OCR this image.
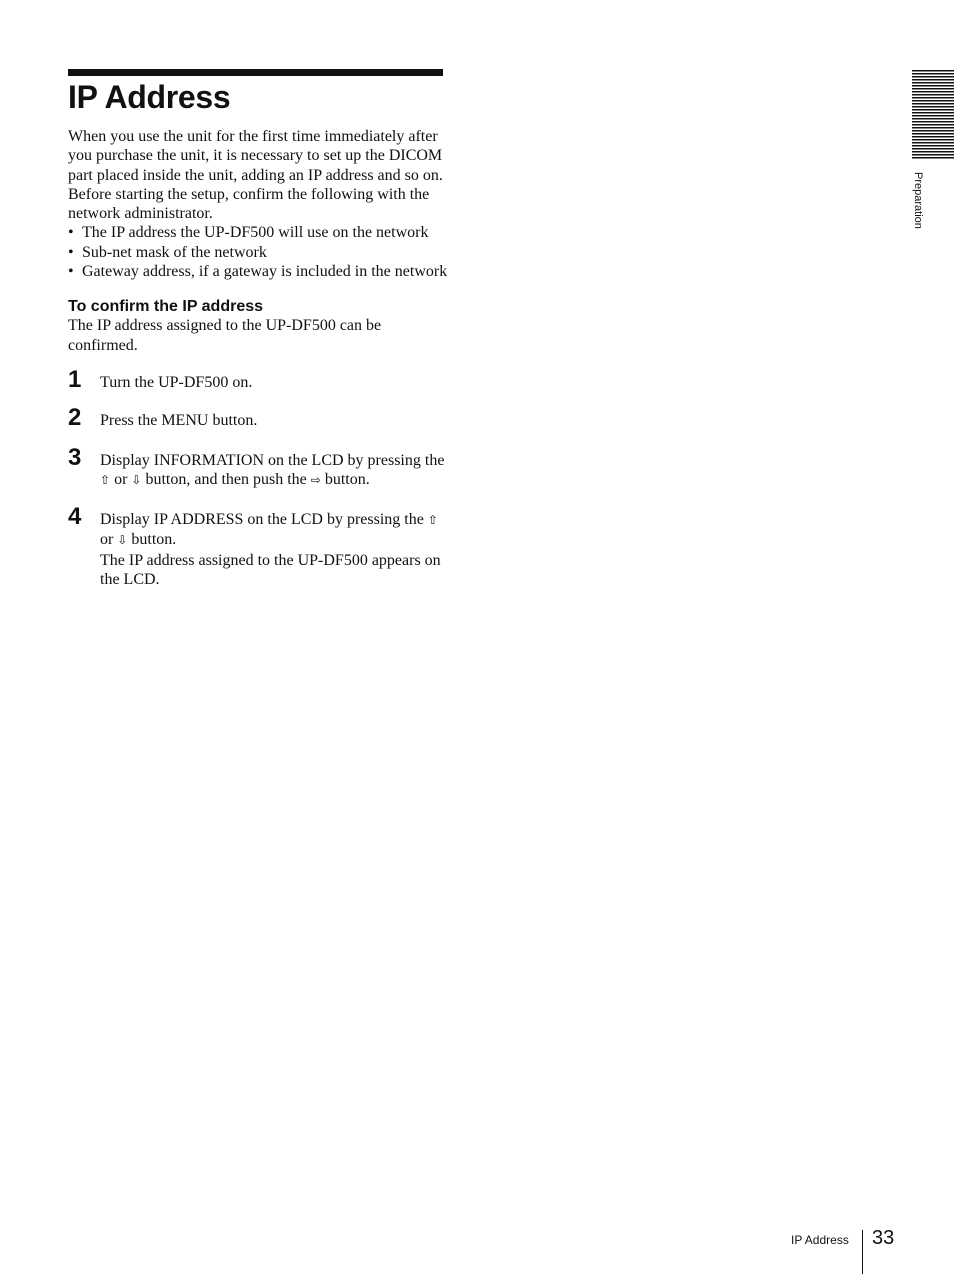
IP Address

When you use the unit for the first time immediately after you purchase the unit, it is necessary to set up the DICOM part placed inside the unit, adding an IP address and so on.

Before starting the setup, confirm the following with the network administrator.

• The IP address the UP-DF500 will use on the network
• Sub-net mask of the network
• Gateway address, if a gateway is included in the network
To confirm the IP address

The IP address assigned to the UP-DF500 can be confirmed.

1 Turn the UP-DF500 on.
2 Press the MENU button.
3 Display INFORMATION on the LCD by pressing the ⇧ or ⇩ button, and then push the ⇨ button.
4 Display IP ADDRESS on the LCD by pressing the ⇧ or ⇩ button.
The IP address assigned to the UP-DF500 appears on the LCD.
Preparation
IP Address 33
